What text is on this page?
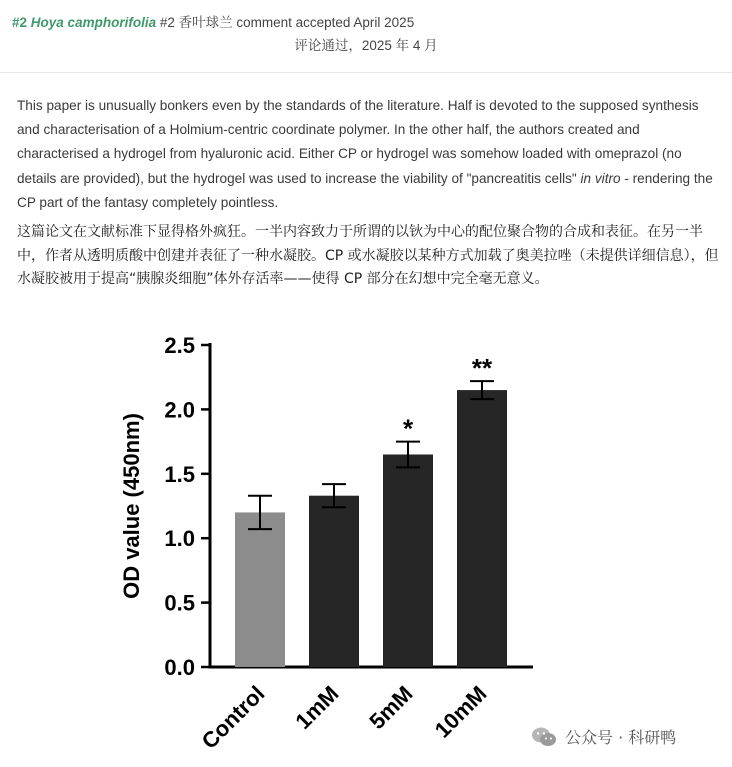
#2 Hoya camphorifolia #2 香叶球兰 comment accepted April 2025
评论通过，2025 年 4 月
This paper is unusually bonkers even by the standards of the literature. Half is devoted to the supposed synthesis and characterisation of a Holmium-centric coordinate polymer. In the other half, the authors created and characterised a hydrogel from hyaluronic acid. Either CP or hydrogel was somehow loaded with omeprazol (no details are provided), but the hydrogel was used to increase the viability of "pancreatitis cells" in vitro - rendering the CP part of the fantasy completely pointless.
这篇论文在文献标准下显得格外疯狂。一半内容致力于所谓的以钬为中心的配位聚合物的合成和表征。在另一半中，作者从透明质酸中创建并表征了一种水凝胶。CP 或水凝胶以某种方式加载了奥美拉唑（未提供详细信息），但水凝胶被用于提高“胰腺炎细胞”体外存活率——使得 CP 部分在幻想中完全毫无意义。
0.0
0.5
1.0
1.5
2.0
2.5
OD value (450nm)
Control 1mM
*
5mM
**
10mM	公众号 · 科研鸭
